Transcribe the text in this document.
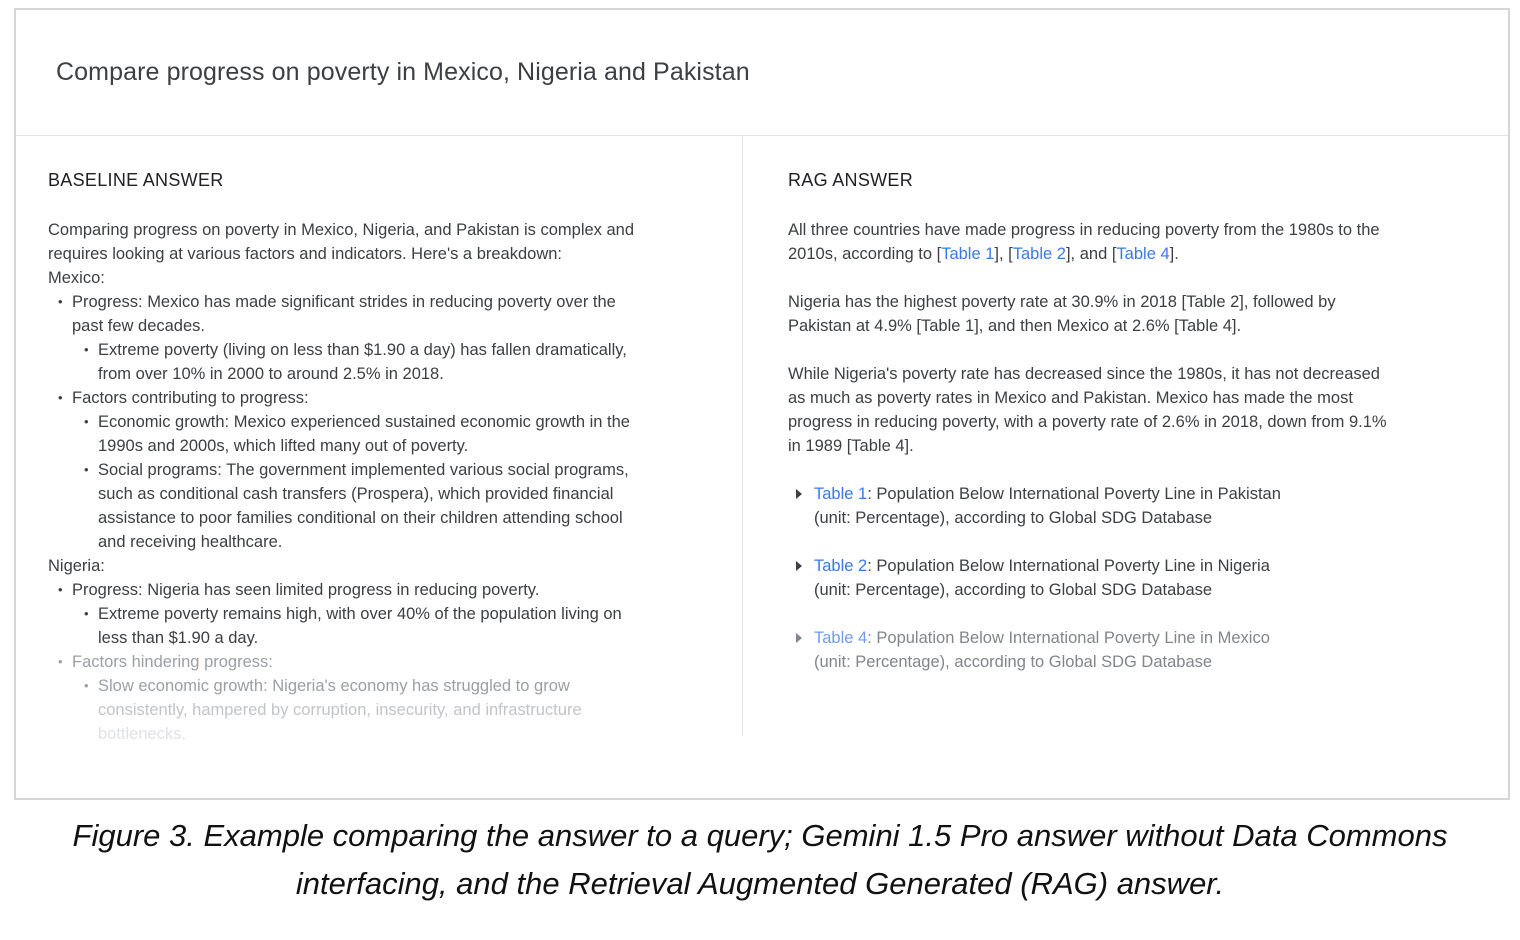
Compare progress on poverty in Mexico, Nigeria and Pakistan
BASELINE ANSWER
Comparing progress on poverty in Mexico, Nigeria, and Pakistan is complex and
requires looking at various factors and indicators. Here's a breakdown:
Mexico:
• Progress: Mexico has made significant strides in reducing poverty over the
past few decades.
• Extreme poverty (living on less than $1.90 a day) has fallen dramatically,
from over 10% in 2000 to around 2.5% in 2018.
• Factors contributing to progress:
• Economic growth: Mexico experienced sustained economic growth in the
1990s and 2000s, which lifted many out of poverty.
• Social programs: The government implemented various social programs,
such as conditional cash transfers (Prospera), which provided financial
assistance to poor families conditional on their children attending school
and receiving healthcare.
Nigeria:
• Progress: Nigeria has seen limited progress in reducing poverty.
• Extreme poverty remains high, with over 40% of the population living on
less than $1.90 a day.
• Factors hindering progress:
• Slow economic growth: Nigeria's economy has struggled to grow
consistently, hampered by corruption, insecurity, and infrastructure
bottlenecks.
RAG ANSWER
All three countries have made progress in reducing poverty from the 1980s to the
2010s, according to [Table 1], [Table 2], and [Table 4].
Nigeria has the highest poverty rate at 30.9% in 2018 [Table 2], followed by
Pakistan at 4.9% [Table 1], and then Mexico at 2.6% [Table 4].
While Nigeria's poverty rate has decreased since the 1980s, it has not decreased
as much as poverty rates in Mexico and Pakistan. Mexico has made the most
progress in reducing poverty, with a poverty rate of 2.6% in 2018, down from 9.1%
in 1989 [Table 4].
Table 1: Population Below International Poverty Line in Pakistan
(unit: Percentage), according to Global SDG Database
Table 2: Population Below International Poverty Line in Nigeria
(unit: Percentage), according to Global SDG Database
Table 4: Population Below International Poverty Line in Mexico
(unit: Percentage), according to Global SDG Database
Figure 3. Example comparing the answer to a query; Gemini 1.5 Pro answer without Data Commons
interfacing, and the Retrieval Augmented Generated (RAG) answer.
